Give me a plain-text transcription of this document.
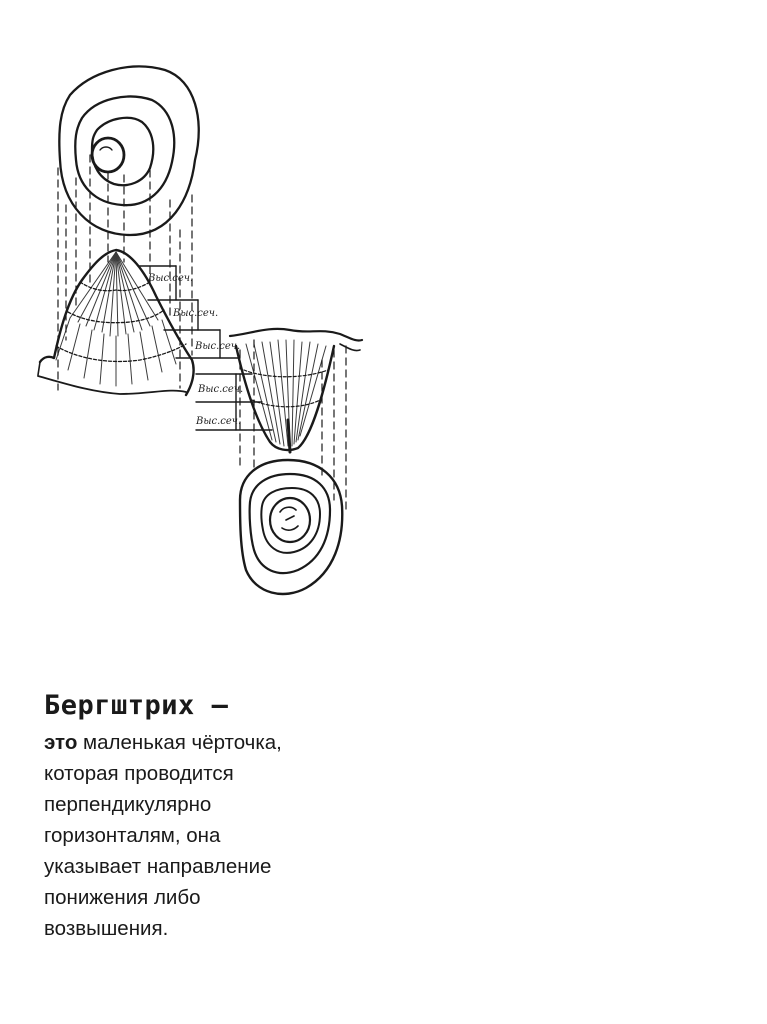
Выс.сеч.
Выс.сеч.
Выс.сеч.
Выс.сеч.
Выс.сеч.
Бергштрих –

это маленькая чёрточка,
которая проводится
перпендикулярно
горизонталям, она
указывает направление
понижения либо
возвышения.
